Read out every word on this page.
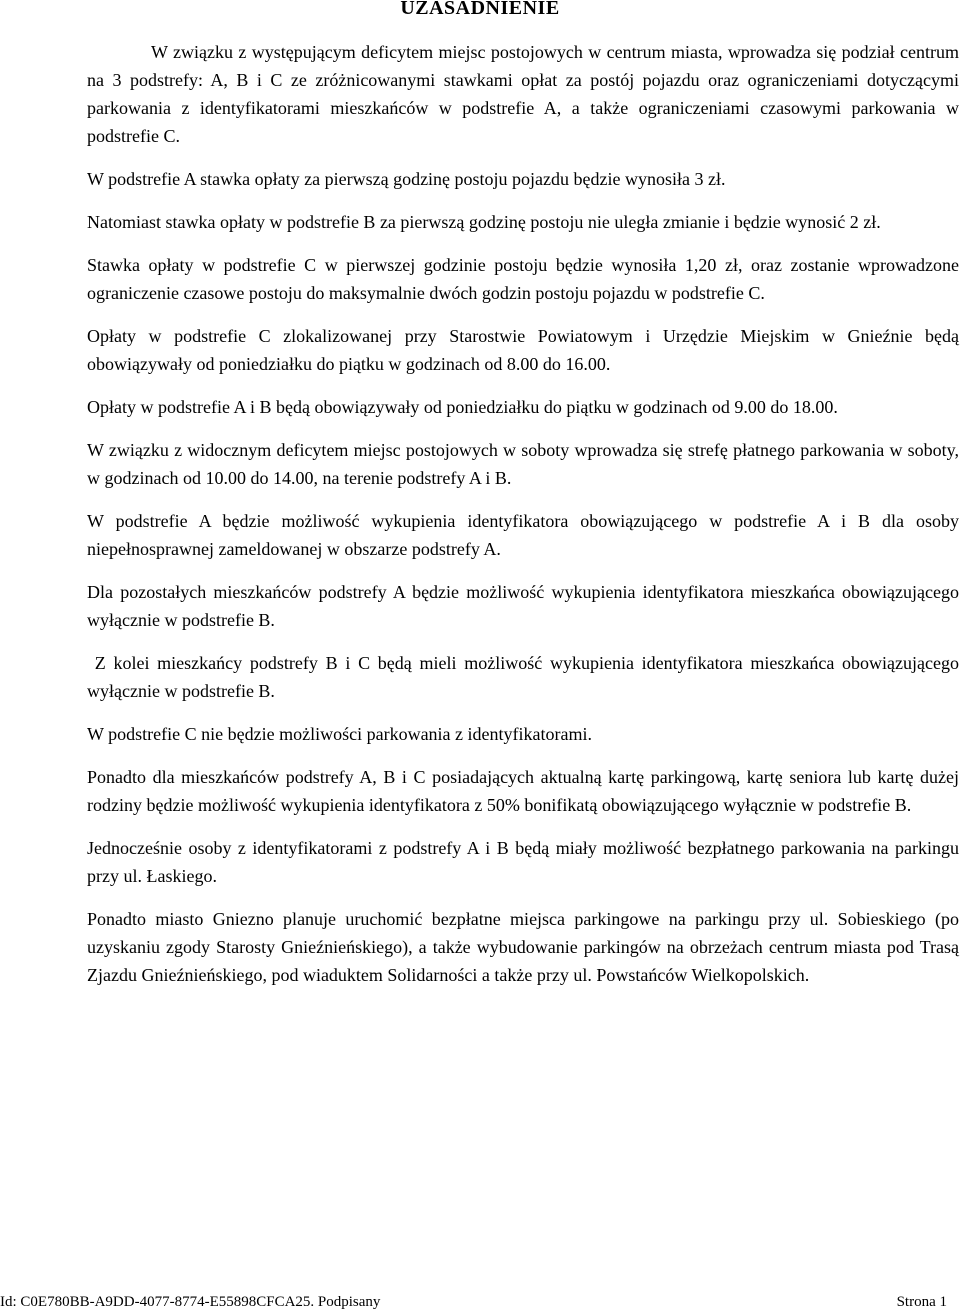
UZASADNIENIE

W związku z występującym deficytem miejsc postojowych w centrum miasta, wprowadza się podział centrum na 3 podstrefy: A, B i C ze zróżnicowanymi stawkami opłat za postój pojazdu oraz ograniczeniami dotyczącymi parkowania z identyfikatorami mieszkańców w podstrefie A, a także ograniczeniami czasowymi parkowania w podstrefie C.

W podstrefie A stawka opłaty za pierwszą godzinę postoju pojazdu będzie wynosiła 3 zł.

Natomiast stawka opłaty w podstrefie B za pierwszą godzinę postoju nie uległa zmianie i będzie wynosić 2 zł.

Stawka opłaty w podstrefie C w pierwszej godzinie postoju będzie wynosiła 1,20 zł, oraz zostanie wprowadzone ograniczenie czasowe postoju do maksymalnie dwóch godzin postoju pojazdu w podstrefie C.

Opłaty w podstrefie C zlokalizowanej przy Starostwie Powiatowym i Urzędzie Miejskim w Gnieźnie będą obowiązywały od poniedziałku do piątku w godzinach od 8.00 do 16.00.

Opłaty w podstrefie A i B będą obowiązywały od poniedziałku do piątku w godzinach od 9.00 do 18.00.

W związku z widocznym deficytem miejsc postojowych w soboty wprowadza się strefę płatnego parkowania w soboty, w godzinach od 10.00 do 14.00, na terenie podstrefy A i B.

W podstrefie A będzie możliwość wykupienia identyfikatora obowiązującego w podstrefie A i B dla osoby niepełnosprawnej zameldowanej w obszarze podstrefy A.

Dla pozostałych mieszkańców podstrefy A będzie możliwość wykupienia identyfikatora mieszkańca obowiązującego wyłącznie w podstrefie B.

Z kolei mieszkańcy podstrefy B i C będą mieli możliwość wykupienia identyfikatora mieszkańca obowiązującego wyłącznie w podstrefie B.

W podstrefie C nie będzie możliwości parkowania z identyfikatorami.

Ponadto dla mieszkańców podstrefy A, B i C posiadających aktualną kartę parkingową, kartę seniora lub kartę dużej rodziny będzie możliwość wykupienia identyfikatora z 50% bonifikatą obowiązującego wyłącznie w podstrefie B.

Jednocześnie osoby z identyfikatorami z podstrefy A i B będą miały możliwość bezpłatnego parkowania na parkingu przy ul. Łaskiego.

Ponadto miasto Gniezno planuje uruchomić bezpłatne miejsca parkingowe na parkingu przy ul. Sobieskiego (po uzyskaniu zgody Starosty Gnieźnieńskiego), a także wybudowanie parkingów na obrzeżach centrum miasta pod Trasą Zjazdu Gnieźnieńskiego, pod wiaduktem Solidarności a także przy ul. Powstańców Wielkopolskich.

Id: C0E780BB-A9DD-4077-8774-E55898CFCA25. Podpisany	Strona 1
